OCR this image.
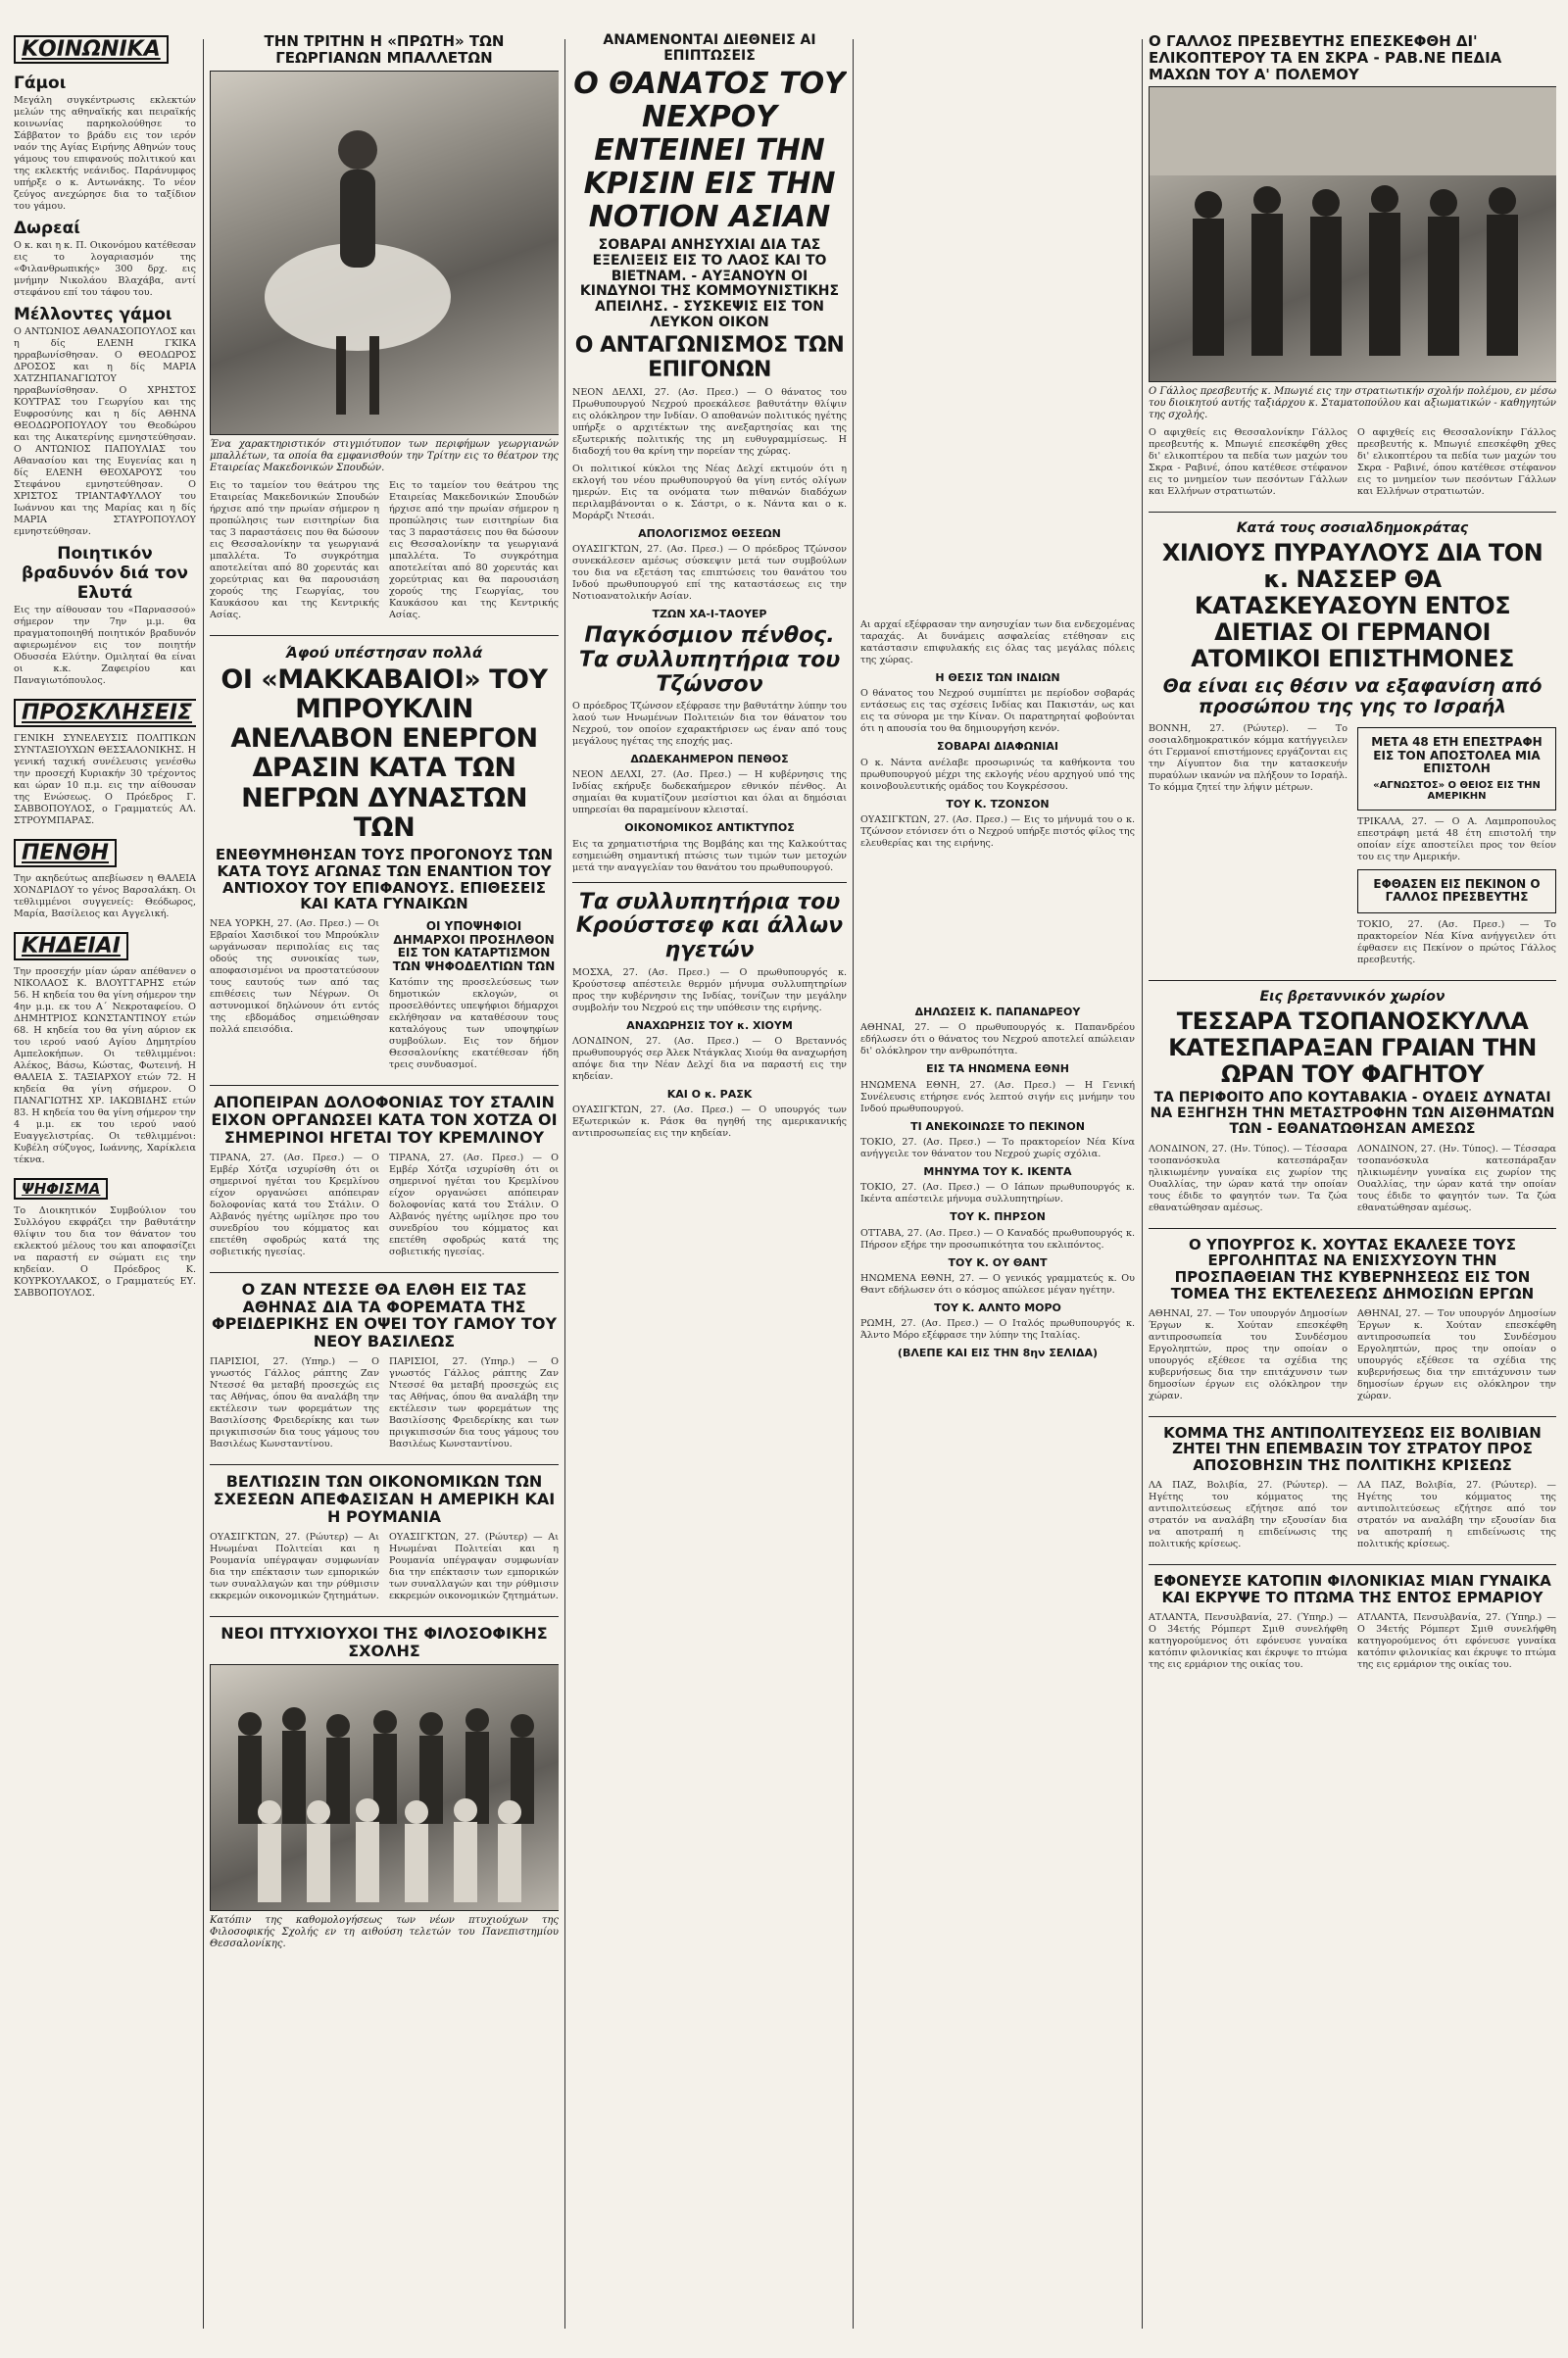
ΚΟΙΝΩΝΙΚΑ
Γάμοι
Μεγάλη συγκέντρωσις εκλεκτών μελών της αθηναϊκής και πειραϊκής κοινωνίας παρηκολούθησε το Σάββατον το βράδυ εις τον ιερόν ναόν της Αγίας Ειρήνης Αθηνών τους γάμους του επιφανούς πολιτικού και της εκλεκτής νεάνιδος. Παράνυμφος υπήρξε ο κ. Αντωνάκης. Το νέον ζεύγος ανεχώρησε δια το ταξίδιον του γάμου.
Δωρεαί
Ο κ. και η κ. Π. Οικονόμου κατέθεσαν εις το λογαριασμόν της «Φιλανθρωπικής» 300 δρχ. εις μνήμην Νικολάου Βλαχάβα, αντί στεφάνου επί του τάφου του.
Μέλλοντες γάμοι
Ο ΑΝΤΩΝΙΟΣ ΑΘΑΝΑΣΟΠΟΥΛΟΣ και η δίς ΕΛΕΝΗ ΓΚΙΚΑ ηρραβωνίσθησαν. Ο ΘΕΟΔΩΡΟΣ ΔΡΟΣΟΣ και η δίς ΜΑΡΙΑ ΧΑΤΖΗΠΑΝΑΓΙΩΤΟΥ ηρραβωνίσθησαν. Ο ΧΡΗΣΤΟΣ ΚΟΥΤΡΑΣ του Γεωργίου και της Ευφροσύνης και η δίς ΑΘΗΝΑ ΘΕΟΔΩΡΟΠΟΥΛΟΥ του Θεοδώρου και της Αικατερίνης εμνηστεύθησαν. Ο ΑΝΤΩΝΙΟΣ ΠΑΠΟΥΛΙΑΣ του Αθανασίου και της Ευγενίας και η δίς ΕΛΕΝΗ ΘΕΟΧΑΡΟΥΣ του Στεφάνου εμνηστεύθησαν. Ο ΧΡΙΣΤΟΣ ΤΡΙΑΝΤΑΦΥΛΛΟΥ του Ιωάννου και της Μαρίας και η δίς ΜΑΡΙΑ ΣΤΑΥΡΟΠΟΥΛΟΥ εμνηστεύθησαν.
Ποιητικόν βραδυνόν διά τον Ελυτά
Εις την αίθουσαν του «Παρνασσού» σήμερον την 7ην μ.μ. θα πραγματοποιηθή ποιητικόν βραδυνόν αφιερωμένον εις τον ποιητήν Οδυσσέα Ελύτην. Ομιληταί θα είναι οι κ.κ. Ζαφειρίου και Παναγιωτόπουλος.
ΠΡΟΣΚΛΗΣΕΙΣ
ΓΕΝΙΚΗ ΣΥΝΕΛΕΥΣΙΣ ΠΟΛΙΤΙΚΩΝ ΣΥΝΤΑΞΙΟΥΧΩΝ ΘΕΣΣΑΛΟΝΙΚΗΣ. Η γενική ταχική συνέλευσις γενέσθω την προσεχή Κυριακήν 30 τρέχοντος και ώραν 10 π.μ. εις την αίθουσαν της Ενώσεως. Ο Πρόεδρος Γ. ΣΑΒΒΟΠΟΥΛΟΣ, ο Γραμματεύς ΑΛ. ΣΤΡΟΥΜΠΑΡΑΣ.
ΠΕΝΘΗ
Την ακηδεύτως απεβίωσεν η ΘΑΛΕΙΑ ΧΟΝΔΡΙΔΟΥ το γένος Βαρσαλάκη. Οι τεθλιμμένοι συγγενείς: Θεόδωρος, Μαρία, Βασίλειος και Αγγελική.
ΚΗΔΕΙΑΙ
Την προσεχήν μίαν ώραν απέθανεν ο ΝΙΚΟΛΑΟΣ Κ. ΒΛΟΥΓΓΑΡΗΣ ετών 56. Η κηδεία του θα γίνη σήμερον την 4ην μ.μ. εκ του Α΄ Νεκροταφείου. Ο ΔΗΜΗΤΡΙΟΣ ΚΩΝΣΤΑΝΤΙΝΟΥ ετών 68. Η κηδεία του θα γίνη αύριον εκ του ιερού ναού Αγίου Δημητρίου Αμπελοκήπων. Οι τεθλιμμένοι: Αλέκος, Βάσω, Κώστας, Φωτεινή. Η ΘΑΛΕΙΑ Σ. ΤΑΞΙΑΡΧΟΥ ετών 72. Η κηδεία θα γίνη σήμερον. Ο ΠΑΝΑΓΙΩΤΗΣ ΧΡ. ΙΑΚΩΒΙΔΗΣ ετών 83. Η κηδεία του θα γίνη σήμερον την 4 μ.μ. εκ του ιερού ναού Ευαγγελιστρίας. Οι τεθλιμμένοι: Κυβέλη σύζυγος, Ιωάννης, Χαρίκλεια τέκνα.
ΨΗΦΙΣΜΑ
Το Διοικητικόν Συμβούλιον του Συλλόγου εκφράζει την βαθυτάτην θλίψιν του δια τον θάνατον του εκλεκτού μέλους του και αποφασίζει να παραστή εν σώματι εις την κηδείαν. Ο Πρόεδρος Κ. ΚΟΥΡΚΟΥΛΑΚΟΣ, ο Γραμματεύς ΕΥ. ΣΑΒΒΟΠΟΥΛΟΣ.
ΤΗΝ ΤΡΙΤΗΝ Η «ΠΡΩΤΗ» ΤΩΝ ΓΕΩΡΓΙΑΝΩΝ ΜΠΑΛΛΕΤΩΝ
Ένα χαρακτηριστικόν στιγμιότυπον των περιφήμων γεωργιανών μπαλλέτων, τα οποία θα εμφανισθούν την Τρίτην εις το θέατρον της Εταιρείας Μακεδονικών Σπουδών.
Εις το ταμείον του θεάτρου της Εταιρείας Μακεδονικών Σπουδών ήρχισε από την πρωίαν σήμερον η προπώλησις των εισιτηρίων δια τας 3 παραστάσεις που θα δώσουν εις Θεσσαλονίκην τα γεωργιανά μπαλλέτα. Το συγκρότημα αποτελείται από 80 χορευτάς και χορεύτριας και θα παρουσιάση χορούς της Γεωργίας, του Καυκάσου και της Κεντρικής Ασίας.
Εις το ταμείον του θεάτρου της Εταιρείας Μακεδονικών Σπουδών ήρχισε από την πρωίαν σήμερον η προπώλησις των εισιτηρίων δια τας 3 παραστάσεις που θα δώσουν εις Θεσσαλονίκην τα γεωργιανά μπαλλέτα. Το συγκρότημα αποτελείται από 80 χορευτάς και χορεύτριας και θα παρουσιάση χορούς της Γεωργίας, του Καυκάσου και της Κεντρικής Ασίας.
Άφού υπέστησαν πολλά
ΟΙ «ΜΑΚΚΑΒΑΙΟΙ» ΤΟΥ ΜΠΡΟΥΚΛΙΝ ΑΝΕΛΑΒΟΝ ΕΝΕΡΓΟΝ ΔΡΑΣΙΝ ΚΑΤΑ ΤΩΝ ΝΕΓΡΩΝ ΔΥΝΑΣΤΩΝ ΤΩΝ
ΕΝΕΘΥΜΗΘΗΣΑΝ ΤΟΥΣ ΠΡΟΓΟΝΟΥΣ ΤΩΝ ΚΑΤΑ ΤΟΥΣ ΑΓΩΝΑΣ ΤΩΝ ΕΝΑΝΤΙΟΝ ΤΟΥ ΑΝΤΙΟΧΟΥ ΤΟΥ ΕΠΙΦΑΝΟΥΣ. ΕΠΙΘΕΣΕΙΣ ΚΑΙ ΚΑΤΑ ΓΥΝΑΙΚΩΝ
ΝΕΑ ΥΟΡΚΗ, 27. (Ασ. Πρεσ.) — Οι Εβραίοι Χασιδικοί του Μπρούκλιν ωργάνωσαν περιπολίας εις τας οδούς της συνοικίας των, αποφασισμένοι να προστατεύσουν τους εαυτούς των από τας επιθέσεις των Νέγρων. Οι αστυνομικοί δηλώνουν ότι εντός της εβδομάδος σημειώθησαν πολλά επεισόδια.
ΟΙ ΥΠΟΨΗΦΙΟΙ ΔΗΜΑΡΧΟΙ ΠΡΟΣΗΛΘΟΝ ΕΙΣ ΤΟΝ ΚΑΤΑΡΤΙΣΜΟΝ ΤΩΝ ΨΗΦΟΔΕΛΤΙΩΝ ΤΩΝ
Κατόπιν της προσελεύσεως των δημοτικών εκλογών, οι προσελθόντες υπεψήφιοι δήμαρχοι εκλήθησαν να καταθέσουν τους καταλόγους των υποψηφίων συμβούλων. Εις τον δήμον Θεσσαλονίκης εκατέθεσαν ήδη τρεις συνδυασμοί.
ΑΠΟΠΕΙΡΑΝ ΔΟΛΟΦΟΝΙΑΣ ΤΟΥ ΣΤΑΛΙΝ ΕΙΧΟΝ ΟΡΓΑΝΩΣΕΙ ΚΑΤΑ ΤΟΝ ΧΟΤΖΑ ΟΙ ΣΗΜΕΡΙΝΟΙ ΗΓΕΤΑΙ ΤΟΥ ΚΡΕΜΛΙΝΟΥ
ΤΙΡΑΝΑ, 27. (Ασ. Πρεσ.) — Ο Εμβέρ Χότζα ισχυρίσθη ότι οι σημερινοί ηγέται του Κρεμλίνου είχον οργανώσει απόπειραν δολοφονίας κατά του Στάλιν. Ο Αλβανός ηγέτης ωμίλησε προ του συνεδρίου του κόμματος και επετέθη σφοδρώς κατά της σοβιετικής ηγεσίας.
ΤΙΡΑΝΑ, 27. (Ασ. Πρεσ.) — Ο Εμβέρ Χότζα ισχυρίσθη ότι οι σημερινοί ηγέται του Κρεμλίνου είχον οργανώσει απόπειραν δολοφονίας κατά του Στάλιν. Ο Αλβανός ηγέτης ωμίλησε προ του συνεδρίου του κόμματος και επετέθη σφοδρώς κατά της σοβιετικής ηγεσίας.
Ο ΖΑΝ ΝΤΕΣΣΕ ΘΑ ΕΛΘΗ ΕΙΣ ΤΑΣ ΑΘΗΝΑΣ ΔΙΑ ΤΑ ΦΟΡΕΜΑΤΑ ΤΗΣ ΦΡΕΙΔΕΡΙΚΗΣ ΕΝ ΟΨΕΙ ΤΟΥ ΓΑΜΟΥ ΤΟΥ ΝΕΟΥ ΒΑΣΙΛΕΩΣ
ΠΑΡΙΣΙΟΙ, 27. (Υπηρ.) — Ο γνωστός Γάλλος ράπτης Ζαν Ντεσσέ θα μεταβή προσεχώς εις τας Αθήνας, όπου θα αναλάβη την εκτέλεσιν των φορεμάτων της Βασιλίσσης Φρειδερίκης και των πριγκιπισσών δια τους γάμους του Βασιλέως Κωνσταντίνου.
ΠΑΡΙΣΙΟΙ, 27. (Υπηρ.) — Ο γνωστός Γάλλος ράπτης Ζαν Ντεσσέ θα μεταβή προσεχώς εις τας Αθήνας, όπου θα αναλάβη την εκτέλεσιν των φορεμάτων της Βασιλίσσης Φρειδερίκης και των πριγκιπισσών δια τους γάμους του Βασιλέως Κωνσταντίνου.
ΒΕΛΤΙΩΣΙΝ ΤΩΝ ΟΙΚΟΝΟΜΙΚΩΝ ΤΩΝ ΣΧΕΣΕΩΝ ΑΠΕΦΑΣΙΣΑΝ Η ΑΜΕΡΙΚΗ ΚΑΙ Η ΡΟΥΜΑΝΙΑ
ΟΥΑΣΙΓΚΤΩΝ, 27. (Ρώυτερ) — Αι Ηνωμέναι Πολιτείαι και η Ρουμανία υπέγραψαν συμφωνίαν δια την επέκτασιν των εμπορικών των συναλλαγών και την ρύθμισιν εκκρεμών οικονομικών ζητημάτων.
ΟΥΑΣΙΓΚΤΩΝ, 27. (Ρώυτερ) — Αι Ηνωμέναι Πολιτείαι και η Ρουμανία υπέγραψαν συμφωνίαν δια την επέκτασιν των εμπορικών των συναλλαγών και την ρύθμισιν εκκρεμών οικονομικών ζητημάτων.
ΝΕΟΙ ΠΤΥΧΙΟΥΧΟΙ ΤΗΣ ΦΙΛΟΣΟΦΙΚΗΣ ΣΧΟΛΗΣ
Κατόπιν της καθομολογήσεως των νέων πτυχιούχων της Φιλοσοφικής Σχολής εν τη αιθούση τελετών του Πανεπιστημίου Θεσσαλονίκης.
ΑΝΑΜΕΝΟΝΤΑΙ ΔΙΕΘΝΕΙΣ ΑΙ ΕΠΙΠΤΩΣΕΙΣ
Ο ΘΑΝΑΤΟΣ ΤΟΥ ΝΕΧΡΟΥ ΕΝΤΕΙΝΕΙ ΤΗΝ ΚΡΙΣΙΝ ΕΙΣ ΤΗΝ ΝΟΤΙΟΝ ΑΣΙΑΝ
ΣΟΒΑΡΑΙ ΑΝΗΣΥΧΙΑΙ ΔΙΑ ΤΑΣ ΕΞΕΛΙΞΕΙΣ ΕΙΣ ΤΟ ΛΑΟΣ ΚΑΙ ΤΟ ΒΙΕΤΝΑΜ. - ΑΥΞΑΝΟΥΝ ΟΙ ΚΙΝΔΥΝΟΙ ΤΗΣ ΚΟΜΜΟΥΝΙΣΤΙΚΗΣ ΑΠΕΙΛΗΣ. - ΣΥΣΚΕΨΙΣ ΕΙΣ ΤΟΝ ΛΕΥΚΟΝ ΟΙΚΟΝ
Ο ΑΝΤΑΓΩΝΙΣΜΟΣ ΤΩΝ ΕΠΙΓΟΝΩΝ
ΝΕΟΝ ΔΕΛΧΙ, 27. (Ασ. Πρεσ.) — Ο θάνατος του Πρωθυπουργού Νεχρού προεκάλεσε βαθυτάτην θλίψιν εις ολόκληρον την Ινδίαν. Ο αποθανών πολιτικός ηγέτης υπήρξε ο αρχιτέκτων της ανεξαρτησίας και της εξωτερικής πολιτικής της μη ευθυγραμμίσεως. Η διαδοχή του θα κρίνη την πορείαν της χώρας.
Οι πολιτικοί κύκλοι της Νέας Δελχί εκτιμούν ότι η εκλογή του νέου πρωθυπουργού θα γίνη εντός ολίγων ημερών. Εις τα ονόματα των πιθανών διαδόχων περιλαμβάνονται ο κ. Σάστρι, ο κ. Νάντα και ο κ. Μοράρζι Ντεσάι.
ΑΠΟΛΟΓΙΣΜΟΣ ΘΕΣΕΩΝ
ΟΥΑΣΙΓΚΤΩΝ, 27. (Ασ. Πρεσ.) — Ο πρόεδρος Τζώνσον συνεκάλεσεν αμέσως σύσκεψιν μετά των συμβούλων του δια να εξετάση τας επιπτώσεις του θανάτου του Ινδού πρωθυπουργού επί της καταστάσεως εις την Νοτιοανατολικήν Ασίαν.
ΤΖΩΝ ΧΑ-Ι-ΤΑΟΥΕΡ
Παγκόσμιον πένθος. Τα συλλυπητήρια του Τζώνσον
Ο πρόεδρος Τζώνσον εξέφρασε την βαθυτάτην λύπην του λαού των Ηνωμένων Πολιτειών δια τον θάνατον του Νεχρού, τον οποίον εχαρακτήρισεν ως έναν από τους μεγάλους ηγέτας της εποχής μας.
ΔΩΔΕΚΑΗΜΕΡΟΝ ΠΕΝΘΟΣ
ΝΕΟΝ ΔΕΛΧΙ, 27. (Ασ. Πρεσ.) — Η κυβέρνησις της Ινδίας εκήρυξε δωδεκαήμερον εθνικόν πένθος. Αι σημαίαι θα κυματίζουν μεσίστιοι και όλαι αι δημόσιαι υπηρεσίαι θα παραμείνουν κλεισταί.
ΟΙΚΟΝΟΜΙΚΟΣ ΑΝΤΙΚΤΥΠΟΣ
Εις τα χρηματιστήρια της Βομβάης και της Καλκούττας εσημειώθη σημαντική πτώσις των τιμών των μετοχών μετά την αναγγελίαν του θανάτου του πρωθυπουργού.
Τα συλλυπητήρια του Κρούστσεφ και άλλων ηγετών
ΜΟΣΧΑ, 27. (Ασ. Πρεσ.) — Ο πρωθυπουργός κ. Κρούστσεφ απέστειλε θερμόν μήνυμα συλλυπητηρίων προς την κυβέρνησιν της Ινδίας, τονίζων την μεγάλην συμβολήν του Νεχρού εις την υπόθεσιν της ειρήνης.
ΑΝΑΧΩΡΗΣΙΣ ΤΟΥ κ. ΧΙΟΥΜ
ΛΟΝΔΙΝΟΝ, 27. (Ασ. Πρεσ.) — Ο Βρεταννός πρωθυπουργός σερ Άλεκ Ντάγκλας Χιούμ θα αναχωρήση απόψε δια την Νέαν Δελχί δια να παραστή εις την κηδείαν.
ΚΑΙ Ο κ. ΡΑΣΚ
ΟΥΑΣΙΓΚΤΩΝ, 27. (Ασ. Πρεσ.) — Ο υπουργός των Εξωτερικών κ. Ράσκ θα ηγηθή της αμερικανικής αντιπροσωπείας εις την κηδείαν.
Αι αρχαί εξέφρασαν την ανησυχίαν των δια ενδεχομένας ταραχάς. Αι δυνάμεις ασφαλείας ετέθησαν εις κατάστασιν επιφυλακής εις όλας τας μεγάλας πόλεις της χώρας.
Η ΘΕΣΙΣ ΤΩΝ ΙΝΔΙΩΝ
Ο θάνατος του Νεχρού συμπίπτει με περίοδον σοβαράς εντάσεως εις τας σχέσεις Ινδίας και Πακιστάν, ως και εις τα σύνορα με την Κίναν. Οι παρατηρηταί φοβούνται ότι η απουσία του θα δημιουργήση κενόν.
ΣΟΒΑΡΑΙ ΔΙΑΦΩΝΙΑΙ
Ο κ. Νάντα ανέλαβε προσωρινώς τα καθήκοντα του πρωθυπουργού μέχρι της εκλογής νέου αρχηγού υπό της κοινοβουλευτικής ομάδος του Κογκρέσσου.
ΤΟΥ Κ. ΤΖΟΝΣΟΝ
ΟΥΑΣΙΓΚΤΩΝ, 27. (Ασ. Πρεσ.) — Εις το μήνυμά του ο κ. Τζώνσον ετόνισεν ότι ο Νεχρού υπήρξε πιστός φίλος της ελευθερίας και της ειρήνης.
ΔΗΛΩΣΕΙΣ Κ. ΠΑΠΑΝΔΡΕΟΥ
ΑΘΗΝΑΙ, 27. — Ο πρωθυπουργός κ. Παπανδρέου εδήλωσεν ότι ο θάνατος του Νεχρού αποτελεί απώλειαν δι' ολόκληρον την ανθρωπότητα.
ΕΙΣ ΤΑ ΗΝΩΜΕΝΑ ΕΘΝΗ
ΗΝΩΜΕΝΑ ΕΘΝΗ, 27. (Ασ. Πρεσ.) — Η Γενική Συνέλευσις ετήρησε ενός λεπτού σιγήν εις μνήμην του Ινδού πρωθυπουργού.
ΤΙ ΑΝΕΚΟΙΝΩΣΕ ΤΟ ΠΕΚΙΝΟΝ
ΤΟΚΙΟ, 27. (Ασ. Πρεσ.) — Το πρακτορείον Νέα Κίνα ανήγγειλε τον θάνατον του Νεχρού χωρίς σχόλια.
ΜΗΝΥΜΑ ΤΟΥ Κ. ΙΚΕΝΤΑ
ΤΟΚΙΟ, 27. (Ασ. Πρεσ.) — Ο Ιάπων πρωθυπουργός κ. Ικέντα απέστειλε μήνυμα συλλυπητηρίων.
ΤΟΥ Κ. ΠΗΡΣΟΝ
ΟΤΤΑΒΑ, 27. (Ασ. Πρεσ.) — Ο Καναδός πρωθυπουργός κ. Πήρσον εξήρε την προσωπικότητα του εκλιπόντος.
ΤΟΥ Κ. ΟΥ ΘΑΝΤ
ΗΝΩΜΕΝΑ ΕΘΝΗ, 27. — Ο γενικός γραμματεύς κ. Ου Θαντ εδήλωσεν ότι ο κόσμος απώλεσε μέγαν ηγέτην.
ΤΟΥ Κ. ΑΛΝΤΟ ΜΟΡΟ
ΡΩΜΗ, 27. (Ασ. Πρεσ.) — Ο Ιταλός πρωθυπουργός κ. Άλντο Μόρο εξέφρασε την λύπην της Ιταλίας.
(ΒΛΕΠΕ ΚΑΙ ΕΙΣ ΤΗΝ 8ην ΣΕΛΙΔΑ)
Ο ΓΑΛΛΟΣ ΠΡΕΣΒΕΥΤΗΣ ΕΠΕΣΚΕΦΘΗ ΔΙ' ΕΛΙΚΟΠΤΕΡΟΥ ΤΑ ΕΝ ΣΚΡΑ - ΡΑΒ.ΝΕ ΠΕΔΙΑ ΜΑΧΩΝ ΤΟΥ Α' ΠΟΛΕΜΟΥ
Ο Γάλλος πρεσβευτής κ. Μπωγιέ εις την στρατιωτικήν σχολήν πολέμου, εν μέσω του διοικητού αυτής ταξιάρχου κ. Σταματοπούλου και αξιωματικών - καθηγητών της σχολής.
Ο αφιχθείς εις Θεσσαλονίκην Γάλλος πρεσβευτής κ. Μπωγιέ επεσκέφθη χθες δι' ελικοπτέρου τα πεδία των μαχών του Σκρα - Ραβινέ, όπου κατέθεσε στέφανον εις το μνημείον των πεσόντων Γάλλων και Ελλήνων στρατιωτών.
Ο αφιχθείς εις Θεσσαλονίκην Γάλλος πρεσβευτής κ. Μπωγιέ επεσκέφθη χθες δι' ελικοπτέρου τα πεδία των μαχών του Σκρα - Ραβινέ, όπου κατέθεσε στέφανον εις το μνημείον των πεσόντων Γάλλων και Ελλήνων στρατιωτών.
Κατά τους σοσιαλδημοκράτας
ΧΙΛΙΟΥΣ ΠΥΡΑΥΛΟΥΣ ΔΙΑ ΤΟΝ κ. ΝΑΣΣΕΡ ΘΑ ΚΑΤΑΣΚΕΥΑΣΟΥΝ ΕΝΤΟΣ ΔΙΕΤΙΑΣ ΟΙ ΓΕΡΜΑΝΟΙ ΑΤΟΜΙΚΟΙ ΕΠΙΣΤΗΜΟΝΕΣ
Θα είναι εις θέσιν να εξαφανίση από προσώπου της γης το Ισραήλ
ΒΟΝΝΗ, 27. (Ρώυτερ). — Το σοσιαλδημοκρατικόν κόμμα κατήγγειλεν ότι Γερμανοί επιστήμονες εργάζονται εις την Αίγυπτον δια την κατασκευήν πυραύλων ικανών να πλήξουν το Ισραήλ. Το κόμμα ζητεί την λήψιν μέτρων.
ΜΕΤΑ 48 ΕΤΗ ΕΠΕΣΤΡΑΦΗ ΕΙΣ ΤΟΝ ΑΠΟΣΤΟΛΕΑ ΜΙΑ ΕΠΙΣΤΟΛΗ
«ΑΓΝΩΣΤΟΣ» Ο ΘΕΙΟΣ ΕΙΣ ΤΗΝ ΑΜΕΡΙΚΗΝ
ΤΡΙΚΑΛΑ, 27. — Ο Α. Λαμπροπουλος επεστράφη μετά 48 έτη επιστολή την οποίαν είχε αποστείλει προς τον θείον του εις την Αμερικήν.
ΕΦΘΑΣΕΝ ΕΙΣ ΠΕΚΙΝΟΝ Ο ΓΑΛΛΟΣ ΠΡΕΣΒΕΥΤΗΣ
ΤΟΚΙΟ, 27. (Ασ. Πρεσ.) — Το πρακτορείον Νέα Κίνα ανήγγειλεν ότι έφθασεν εις Πεκίνον ο πρώτος Γάλλος πρεσβευτής.
Εις βρεταννικόν χωρίον
ΤΕΣΣΑΡΑ ΤΣΟΠΑΝΟΣΚΥΛΛΑ ΚΑΤΕΣΠΑΡΑΞΑΝ ΓΡΑΙΑΝ ΤΗΝ ΩΡΑΝ ΤΟΥ ΦΑΓΗΤΟΥ
ΤΑ ΠΕΡΙΦΟΙΤΟ ΑΠΟ ΚΟΥΤΑΒΑΚΙΑ - ΟΥΔΕΙΣ ΔΥΝΑΤΑΙ ΝΑ ΕΞΗΓΗΣΗ ΤΗΝ ΜΕΤΑΣΤΡΟΦΗΝ ΤΩΝ ΑΙΣΘΗΜΑΤΩΝ ΤΩΝ - ΕΘΑΝΑΤΩΘΗΣΑΝ ΑΜΕΣΩΣ
ΛΟΝΔΙΝΟΝ, 27. (Ην. Τύπος). — Τέσσαρα τσοπανόσκυλα κατεσπάραξαν ηλικιωμένην γυναίκα εις χωρίον της Ουαλλίας, την ώραν κατά την οποίαν τους έδιδε το φαγητόν των. Τα ζώα εθανατώθησαν αμέσως.
ΛΟΝΔΙΝΟΝ, 27. (Ην. Τύπος). — Τέσσαρα τσοπανόσκυλα κατεσπάραξαν ηλικιωμένην γυναίκα εις χωρίον της Ουαλλίας, την ώραν κατά την οποίαν τους έδιδε το φαγητόν των. Τα ζώα εθανατώθησαν αμέσως.
Ο ΥΠΟΥΡΓΟΣ Κ. ΧΟΥΤΑΣ ΕΚΑΛΕΣΕ ΤΟΥΣ ΕΡΓΟΛΗΠΤΑΣ ΝΑ ΕΝΙΣΧΥΣΟΥΝ ΤΗΝ ΠΡΟΣΠΑΘΕΙΑΝ ΤΗΣ ΚΥΒΕΡΝΗΣΕΩΣ ΕΙΣ ΤΟΝ ΤΟΜΕΑ ΤΗΣ ΕΚΤΕΛΕΣΕΩΣ ΔΗΜΟΣΙΩΝ ΕΡΓΩΝ
ΑΘΗΝΑΙ, 27. — Τον υπουργόν Δημοσίων Έργων κ. Χούταν επεσκέφθη αντιπροσωπεία του Συνδέσμου Εργοληπτών, προς την οποίαν ο υπουργός εξέθεσε τα σχέδια της κυβερνήσεως δια την επιτάχυνσιν των δημοσίων έργων εις ολόκληρον την χώραν.
ΑΘΗΝΑΙ, 27. — Τον υπουργόν Δημοσίων Έργων κ. Χούταν επεσκέφθη αντιπροσωπεία του Συνδέσμου Εργοληπτών, προς την οποίαν ο υπουργός εξέθεσε τα σχέδια της κυβερνήσεως δια την επιτάχυνσιν των δημοσίων έργων εις ολόκληρον την χώραν.
ΚΟΜΜΑ ΤΗΣ ΑΝΤΙΠΟΛΙΤΕΥΣΕΩΣ ΕΙΣ ΒΟΛΙΒΙΑΝ ΖΗΤΕΙ ΤΗΝ ΕΠΕΜΒΑΣΙΝ ΤΟΥ ΣΤΡΑΤΟΥ ΠΡΟΣ ΑΠΟΣΟΒΗΣΙΝ ΤΗΣ ΠΟΛΙΤΙΚΗΣ ΚΡΙΣΕΩΣ
ΛΑ ΠΑΖ, Βολιβία, 27. (Ρώυτερ). — Ηγέτης του κόμματος της αντιπολιτεύσεως εζήτησε από τον στρατόν να αναλάβη την εξουσίαν δια να αποτραπή η επιδείνωσις της πολιτικής κρίσεως.
ΛΑ ΠΑΖ, Βολιβία, 27. (Ρώυτερ). — Ηγέτης του κόμματος της αντιπολιτεύσεως εζήτησε από τον στρατόν να αναλάβη την εξουσίαν δια να αποτραπή η επιδείνωσις της πολιτικής κρίσεως.
ΕΦΟΝΕΥΣΕ ΚΑΤΟΠΙΝ ΦΙΛΟΝΙΚΙΑΣ ΜΙΑΝ ΓΥΝΑΙΚΑ ΚΑΙ ΕΚΡΥΨΕ ΤΟ ΠΤΩΜΑ ΤΗΣ ΕΝΤΟΣ ΕΡΜΑΡΙΟΥ
ΑΤΛΑΝΤΑ, Πενσυλβανία, 27. (Ύπηρ.) — Ο 34ετής Ρόμπερτ Σμιθ συνελήφθη κατηγορούμενος ότι εφόνευσε γυναίκα κατόπιν φιλονικίας και έκρυψε το πτώμα της εις ερμάριον της οικίας του.
ΑΤΛΑΝΤΑ, Πενσυλβανία, 27. (Ύπηρ.) — Ο 34ετής Ρόμπερτ Σμιθ συνελήφθη κατηγορούμενος ότι εφόνευσε γυναίκα κατόπιν φιλονικίας και έκρυψε το πτώμα της εις ερμάριον της οικίας του.
